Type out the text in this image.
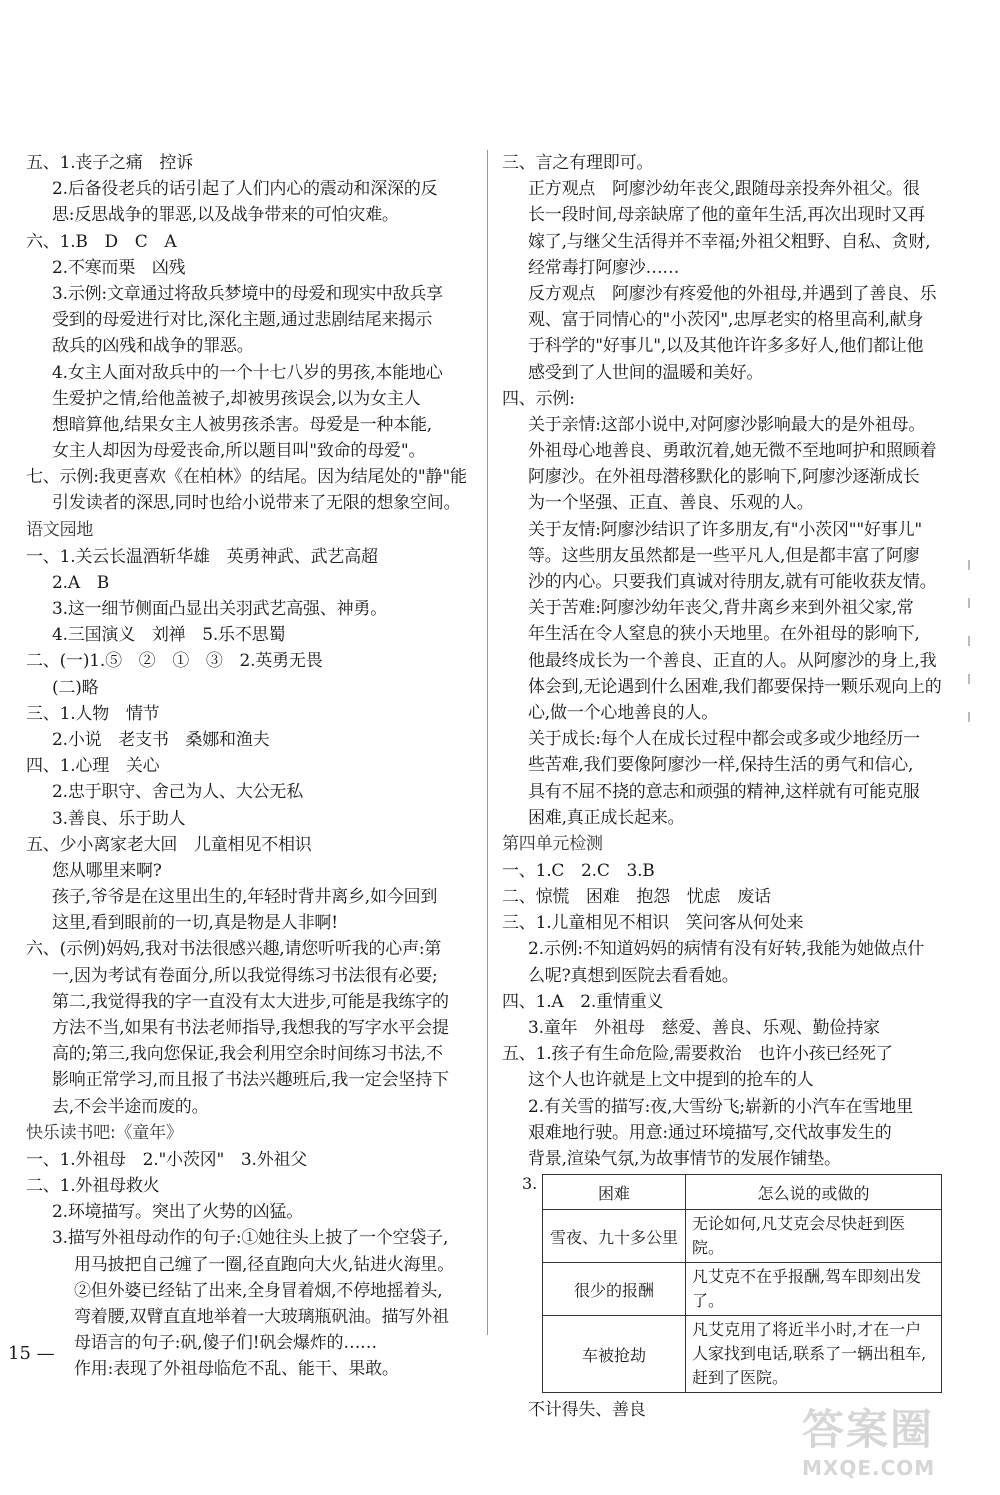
五、1.丧子之痛　控诉
2.后备役老兵的话引起了人们内心的震动和深深的反
思:反思战争的罪恶,以及战争带来的可怕灾难。
六、1.B　D　C　A
2.不寒而栗　凶残
3.示例:文章通过将敌兵梦境中的母爱和现实中敌兵享
受到的母爱进行对比,深化主题,通过悲剧结尾来揭示
敌兵的凶残和战争的罪恶。
4.女主人面对敌兵中的一个十七八岁的男孩,本能地心
生爱护之情,给他盖被子,却被男孩误会,以为女主人
想暗算他,结果女主人被男孩杀害。母爱是一种本能,
女主人却因为母爱丧命,所以题目叫"致命的母爱"。
七、示例:我更喜欢《在柏林》的结尾。因为结尾处的"静"能
引发读者的深思,同时也给小说带来了无限的想象空间。
语文园地
一、1.关云长温酒斩华雄　英勇神武、武艺高超
2.A　B
3.这一细节侧面凸显出关羽武艺高强、神勇。
4.三国演义　刘禅　5.乐不思蜀
二、(一)1.⑤　②　①　③　2.英勇无畏
(二)略
三、1.人物　情节
2.小说　老支书　桑娜和渔夫
四、1.心理　关心
2.忠于职守、舍己为人、大公无私
3.善良、乐于助人
五、少小离家老大回　儿童相见不相识
您从哪里来啊?
孩子,爷爷是在这里出生的,年轻时背井离乡,如今回到
这里,看到眼前的一切,真是物是人非啊!
六、(示例)妈妈,我对书法很感兴趣,请您听听我的心声:第
一,因为考试有卷面分,所以我觉得练习书法很有必要;
第二,我觉得我的字一直没有太大进步,可能是我练字的
方法不当,如果有书法老师指导,我想我的写字水平会提
高的;第三,我向您保证,我会利用空余时间练习书法,不
影响正常学习,而且报了书法兴趣班后,我一定会坚持下
去,不会半途而废的。
快乐读书吧:《童年》
一、1.外祖母　2."小茨冈"　3.外祖父
二、1.外祖母救火
2.环境描写。突出了火势的凶猛。
3.描写外祖母动作的句子:①她往头上披了一个空袋子,
用马披把自己缠了一圈,径直跑向大火,钻进火海里。
②但外婆已经钻了出来,全身冒着烟,不停地摇着头,
弯着腰,双臂直直地举着一大玻璃瓶矾油。描写外祖
母语言的句子:矾,傻子们!矾会爆炸的……
作用:表现了外祖母临危不乱、能干、果敢。
三、言之有理即可。
正方观点　阿廖沙幼年丧父,跟随母亲投奔外祖父。很
长一段时间,母亲缺席了他的童年生活,再次出现时又再
嫁了,与继父生活得并不幸福;外祖父粗野、自私、贪财,
经常毒打阿廖沙……
反方观点　阿廖沙有疼爱他的外祖母,并遇到了善良、乐
观、富于同情心的"小茨冈",忠厚老实的格里高利,献身
于科学的"好事儿",以及其他许许多多好人,他们都让他
感受到了人世间的温暖和美好。
四、示例:
关于亲情:这部小说中,对阿廖沙影响最大的是外祖母。
外祖母心地善良、勇敢沉着,她无微不至地呵护和照顾着
阿廖沙。在外祖母潜移默化的影响下,阿廖沙逐渐成长
为一个坚强、正直、善良、乐观的人。
关于友情:阿廖沙结识了许多朋友,有"小茨冈""好事儿"
等。这些朋友虽然都是一些平凡人,但是都丰富了阿廖
沙的内心。只要我们真诚对待朋友,就有可能收获友情。
关于苦难:阿廖沙幼年丧父,背井离乡来到外祖父家,常
年生活在令人窒息的狭小天地里。在外祖母的影响下,
他最终成长为一个善良、正直的人。从阿廖沙的身上,我
体会到,无论遇到什么困难,我们都要保持一颗乐观向上的
心,做一个心地善良的人。
关于成长:每个人在成长过程中都会或多或少地经历一
些苦难,我们要像阿廖沙一样,保持生活的勇气和信心,
具有不屈不挠的意志和顽强的精神,这样就有可能克服
困难,真正成长起来。
第四单元检测
一、1.C　2.C　3.B
二、惊慌　困难　抱怨　忧虑　废话
三、1.儿童相见不相识　笑问客从何处来
2.示例:不知道妈妈的病情有没有好转,我能为她做点什
么呢?真想到医院去看看她。
四、1.A　2.重情重义
3.童年　外祖母　慈爱、善良、乐观、勤俭持家
五、1.孩子有生命危险,需要救治　也许小孩已经死了
这个人也许就是上文中提到的抢车的人
2.有关雪的描写:夜,大雪纷飞;崭新的小汽车在雪地里
艰难地行驶。用意:通过环境描写,交代故事发生的
背景,渲染气氛,为故事情节的发展作铺垫。
3.	困难	怎么说的或做的
雪夜、九十多公里	无论如何,凡艾克会尽快赶到医院。
很少的报酬	凡艾克不在乎报酬,驾车即刻出发了。
车被抢劫	凡艾克用了将近半小时,才在一户人家找到电话,联系了一辆出租车,赶到了医院。
不计得失、善良
15 —
答案圈
MXQE.COM
